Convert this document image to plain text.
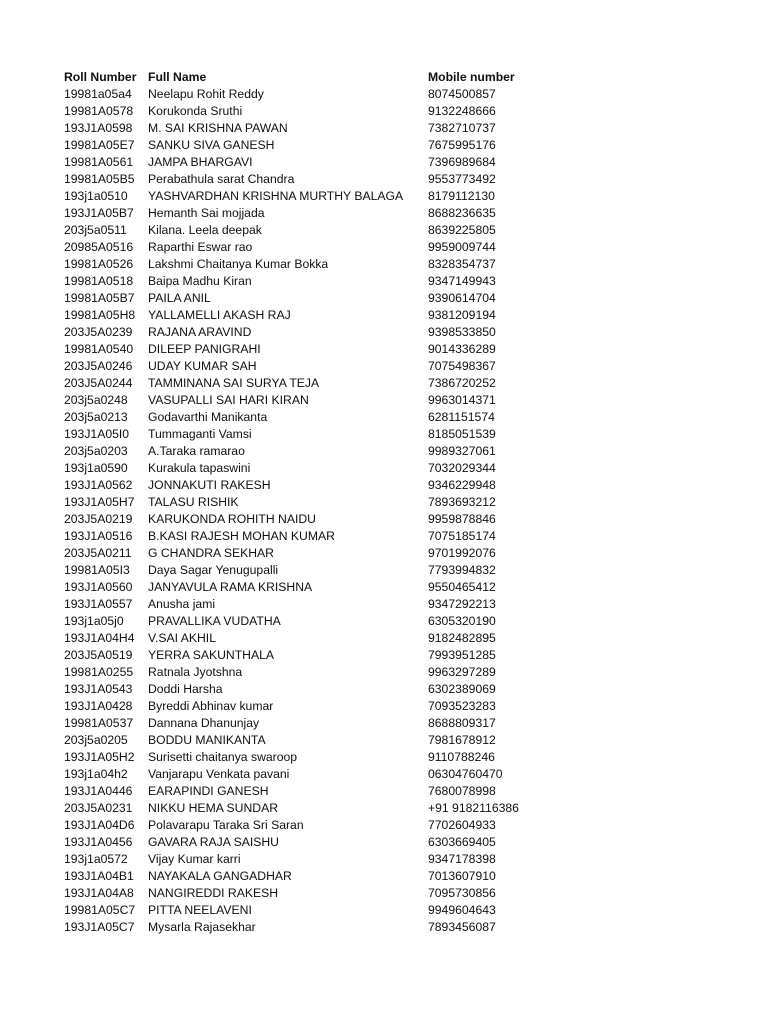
Roll Number Full Name	Mobile number
19981a05a4 Neelapu Rohit Reddy	8074500857
19981A0578 Korukonda Sruthi	9132248666
193J1A0598 M. SAI KRISHNA PAWAN	7382710737
19981A05E7 SANKU SIVA GANESH	7675995176
19981A0561 JAMPA BHARGAVI	7396989684
19981A05B5 Perabathula sarat Chandra	9553773492
193j1a0510 YASHVARDHAN KRISHNA MURTHY BALAGA 8179112130
193J1A05B7 Hemanth Sai mojjada	8688236635
203j5a0511 Kilana. Leela deepak	8639225805
20985A0516 Raparthi Eswar rao	9959009744
19981A0526 Lakshmi Chaitanya Kumar Bokka	8328354737
19981A0518 Baipa Madhu Kiran	9347149943
19981A05B7 PAILA ANIL	9390614704
19981A05H8 YALLAMELLI AKASH RAJ	9381209194
203J5A0239 RAJANA ARAVIND	9398533850
19981A0540 DILEEP PANIGRAHI	9014336289
203J5A0246 UDAY KUMAR SAH	7075498367
203J5A0244 TAMMINANA SAI SURYA TEJA	7386720252
203j5a0248 VASUPALLI SAI HARI KIRAN	9963014371
203j5a0213 Godavarthi Manikanta	6281151574
193J1A05I0 Tummaganti Vamsi	8185051539
203j5a0203 A.Taraka ramarao	9989327061
193j1a0590 Kurakula tapaswini	7032029344
193J1A0562 JONNAKUTI RAKESH	9346229948
193J1A05H7 TALASU RISHIK	7893693212
203J5A0219 KARUKONDA ROHITH NAIDU	9959878846
193J1A0516 B.KASI RAJESH MOHAN KUMAR	7075185174
203J5A0211 G CHANDRA SEKHAR	9701992076
19981A05I3 Daya Sagar Yenugupalli	7793994832
193J1A0560 JANYAVULA RAMA KRISHNA	9550465412
193J1A0557 Anusha jami	9347292213
193j1a05j0 PRAVALLIKA VUDATHA	6305320190
193J1A04H4 V.SAI AKHIL	9182482895
203J5A0519 YERRA SAKUNTHALA	7993951285
19981A0255 Ratnala Jyotshna	9963297289
193J1A0543 Doddi Harsha	6302389069
193J1A0428 Byreddi Abhinav kumar	7093523283
19981A0537 Dannana Dhanunjay	8688809317
203j5a0205 BODDU MANIKANTA	7981678912
193J1A05H2 Surisetti chaitanya swaroop	9110788246
193j1a04h2 Vanjarapu Venkata pavani	06304760470
193J1A0446 EARAPINDI GANESH	7680078998
203J5A0231 NIKKU HEMA SUNDAR	+91 9182116386
193J1A04D6 Polavarapu Taraka Sri Saran	7702604933
193J1A0456 GAVARA RAJA SAISHU	6303669405
193j1a0572 Vijay Kumar karri	9347178398
193J1A04B1 NAYAKALA GANGADHAR	7013607910
193J1A04A8 NANGIREDDI RAKESH	7095730856
19981A05C7 PITTA NEELAVENI	9949604643
193J1A05C7 Mysarla Rajasekhar	7893456087
